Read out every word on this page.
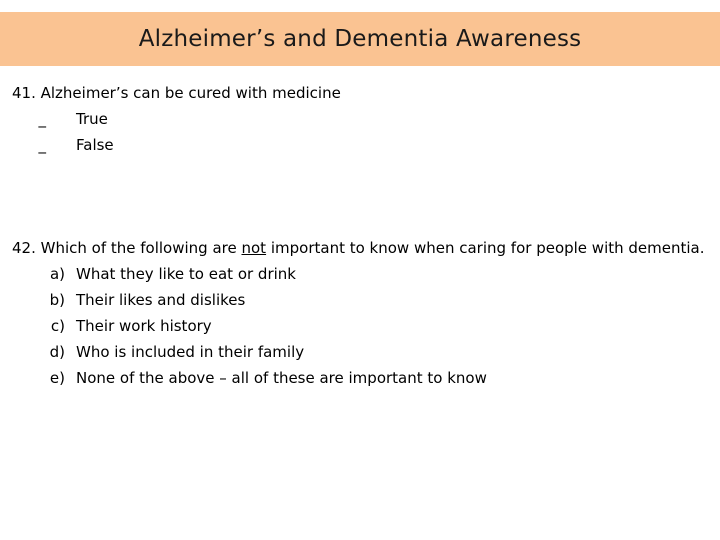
Alzheimer’s and Dementia Awareness
41. Alzheimer’s can be cured with medicine
_ True
_ False
42. Which of the following are not important to know when caring for people with dementia.
a) What they like to eat or drink
b) Their likes and dislikes
c) Their work history
d) Who is included in their family
e) None of the above – all of these are important to know
